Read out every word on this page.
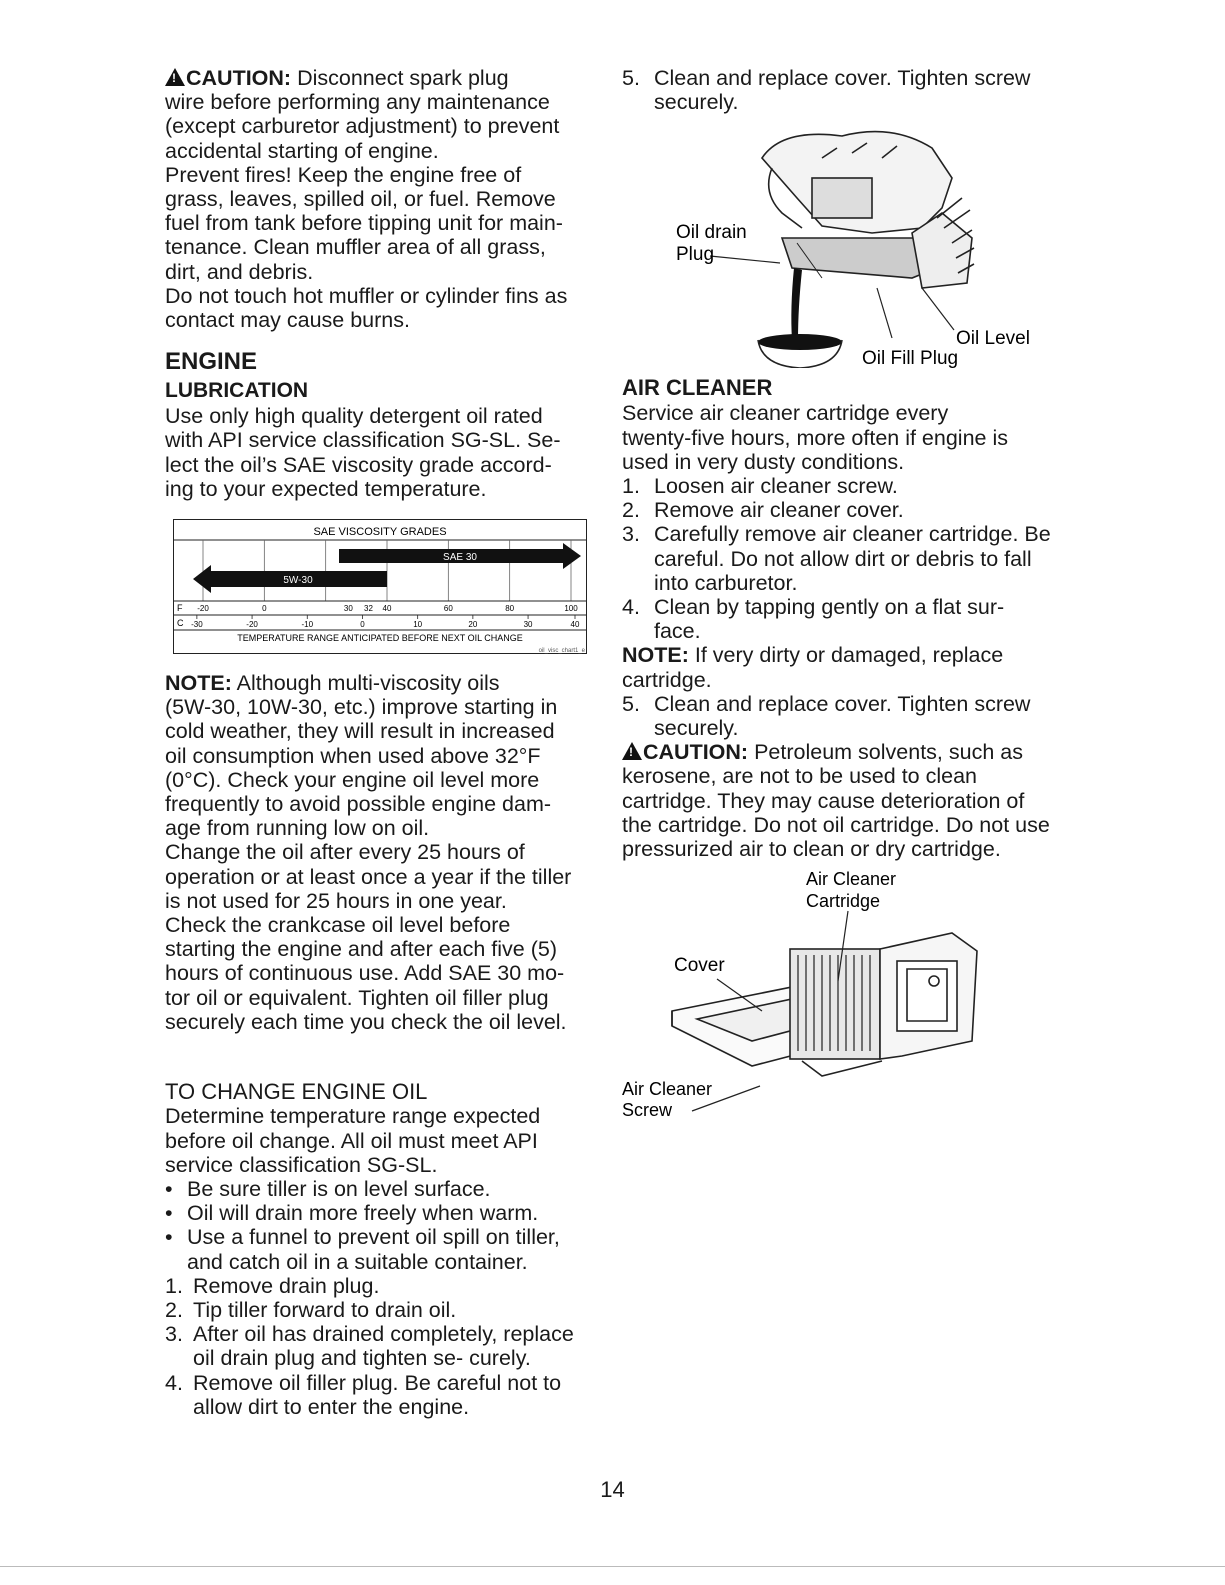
!CAUTION: Disconnect spark plug

wire before performing any maintenance
(except carburetor adjustment) to prevent
accidental starting of engine.
Prevent fires! Keep the engine free of
grass, leaves, spilled oil, or fuel. Remove
fuel from tank before tipping unit for main-
tenance. Clean muffler area of all grass,
dirt, and debris.
Do not touch hot muffler or cylinder fins as
contact may cause burns.
ENGINE
LUBRICATION
Use only high quality detergent oil rated
with API service classification SG-SL. Se-
lect the oil’s SAE viscosity grade accord-
ing to your expected temperature.
SAE VISCOSITY GRADES
5W-30
SAE 30
F -20	0	30 32 40	60	80	100
C -30	-20	-10	0	10	20	30	40
TEMPERATURE RANGE ANTICIPATED BEFORE NEXT OIL CHANGE
oil_visc_chart1_e
NOTE: Although multi-viscosity oils
(5W-30, 10W-30, etc.) improve starting in
cold weather, they will result in increased
oil consumption when used above 32°F
(0°C). Check your engine oil level more
frequently to avoid possible engine dam-
age from running low on oil.
Change the oil after every 25 hours of
operation or at least once a year if the tiller
is not used for 25 hours in one year.
Check the crankcase oil level before
starting the engine and after each five (5)
hours of continuous use. Add SAE 30 mo-
tor oil or equivalent. Tighten oil filler plug
securely each time you check the oil level.

TO CHANGE ENGINE OIL

Determine temperature range expected
before oil change. All oil must meet API
service classification SG-SL.
• Be sure tiller is on level surface.
• Oil will drain more freely when warm.
• Use a funnel to prevent oil spill on tiller, and catch oil in a suitable container.
1. Remove drain plug.
2. Tip tiller forward to drain oil.
3. After oil has drained completely, replace oil drain plug and tighten se- curely.
4. Remove oil filler plug. Be careful not to allow dirt to enter the engine.
5. Clean and replace cover. Tighten screw securely.
Oil drain
Plug
Oil Level
Oil Fill Plug
AIR CLEANER
Service air cleaner cartridge every
twenty-five hours, more often if engine is
used in very dusty conditions.
1. Loosen air cleaner screw.
2. Remove air cleaner cover.
3. Carefully remove air cleaner cartridge. Be careful. Do not allow dirt or debris to fall into carburetor.
4. Clean by tapping gently on a flat sur- face.

NOTE: If very dirty or damaged, replace cartridge.

5. Clean and replace cover. Tighten screw securely.

!CAUTION: Petroleum solvents, such as kerosene, are not to be used to clean cartridge. They may cause deterioration of the cartridge. Do not oil cartridge. Do not use pressurized air to clean or dry cartridge.

Air Cleaner
Cartridge
Cover
Air Cleaner
Screw
14
